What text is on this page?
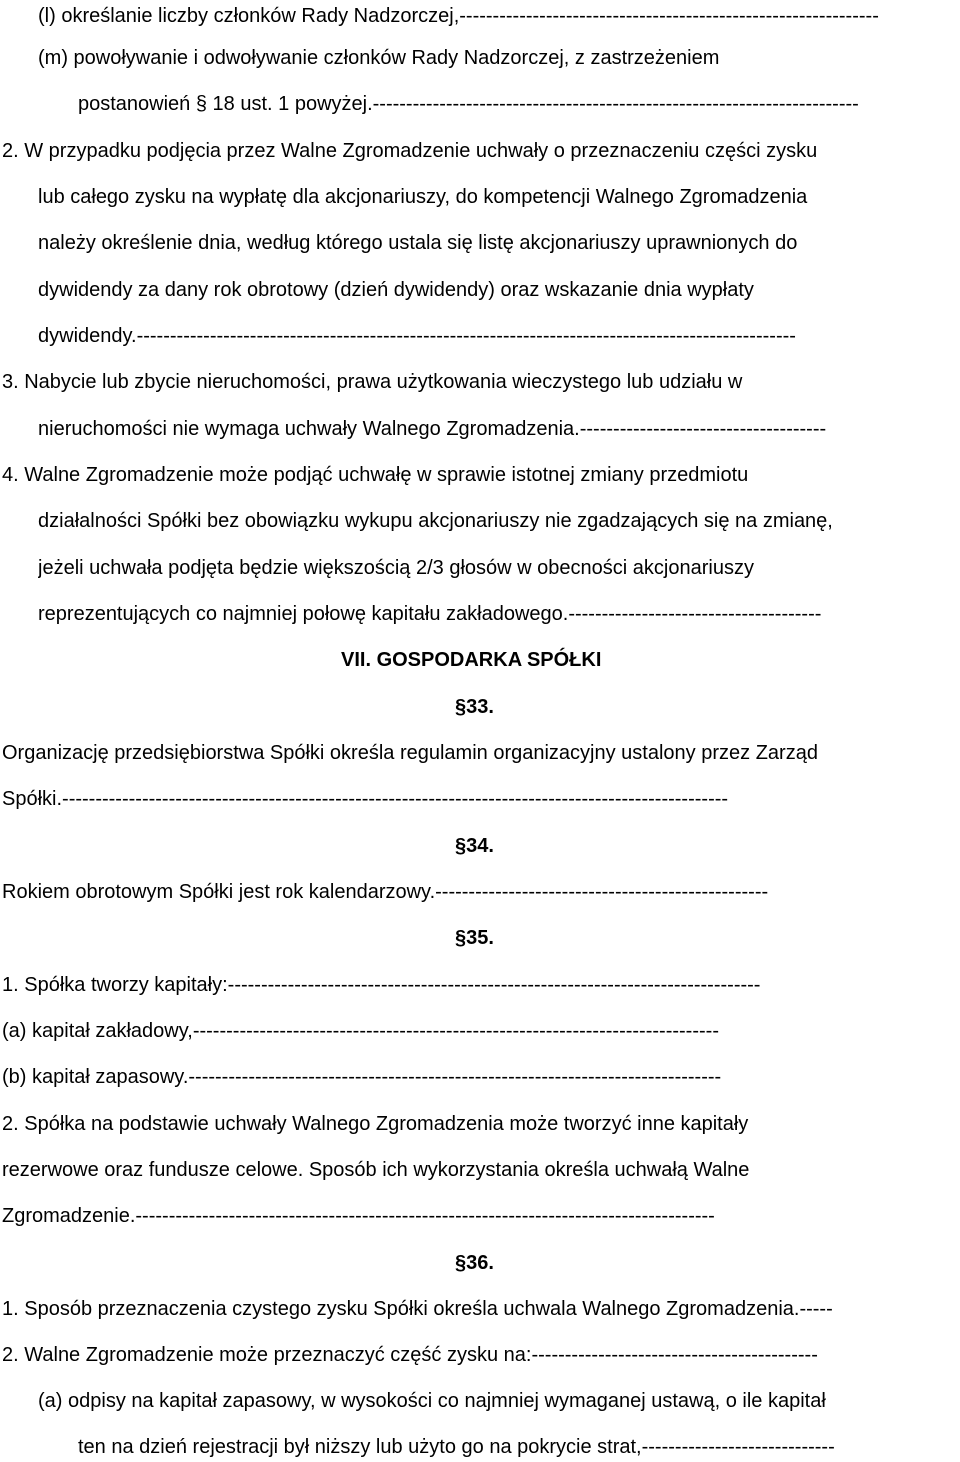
(l) określanie liczby członków Rady Nadzorczej,---------------------------------------------------------------
(m) powoływanie i odwoływanie członków Rady Nadzorczej, z zastrzeżeniem
postanowień § 18 ust. 1 powyżej.-------------------------------------------------------------------------
2. W przypadku podjęcia przez Walne Zgromadzenie uchwały o przeznaczeniu części zysku
lub całego zysku na wypłatę dla akcjonariuszy, do kompetencji Walnego Zgromadzenia
należy określenie dnia, według którego ustala się listę akcjonariuszy uprawnionych do
dywidendy za dany rok obrotowy (dzień dywidendy) oraz wskazanie dnia wypłaty
dywidendy.---------------------------------------------------------------------------------------------------
3. Nabycie lub zbycie nieruchomości, prawa użytkowania wieczystego lub udziału w
nieruchomości nie wymaga uchwały Walnego Zgromadzenia.-------------------------------------
4. Walne Zgromadzenie może podjąć uchwałę w sprawie istotnej zmiany przedmiotu
działalności Spółki bez obowiązku wykupu akcjonariuszy nie zgadzających się na zmianę,
jeżeli uchwała podjęta będzie większością 2/3 głosów w obecności akcjonariuszy
reprezentujących co najmniej połowę kapitału zakładowego.--------------------------------------
VII. GOSPODARKA SPÓŁKI
§33.
Organizację przedsiębiorstwa Spółki określa regulamin organizacyjny ustalony przez Zarząd
Spółki.----------------------------------------------------------------------------------------------------
§34.
Rokiem obrotowym Spółki jest rok kalendarzowy.--------------------------------------------------
§35.
1. Spółka tworzy kapitały:--------------------------------------------------------------------------------
(a) kapitał zakładowy,-------------------------------------------------------------------------------
(b) kapitał zapasowy.--------------------------------------------------------------------------------
2. Spółka na podstawie uchwały Walnego Zgromadzenia może tworzyć inne kapitały
rezerwowe oraz fundusze celowe. Sposób ich wykorzystania określa uchwałą Walne
Zgromadzenie.---------------------------------------------------------------------------------------
§36.
1. Sposób przeznaczenia czystego zysku Spółki określa uchwala Walnego Zgromadzenia.-----
2. Walne Zgromadzenie może przeznaczyć część zysku na:-------------------------------------------
(a) odpisy na kapitał zapasowy, w wysokości co najmniej wymaganej ustawą, o ile kapitał
ten na dzień rejestracji był niższy lub użyto go na pokrycie strat,-----------------------------
